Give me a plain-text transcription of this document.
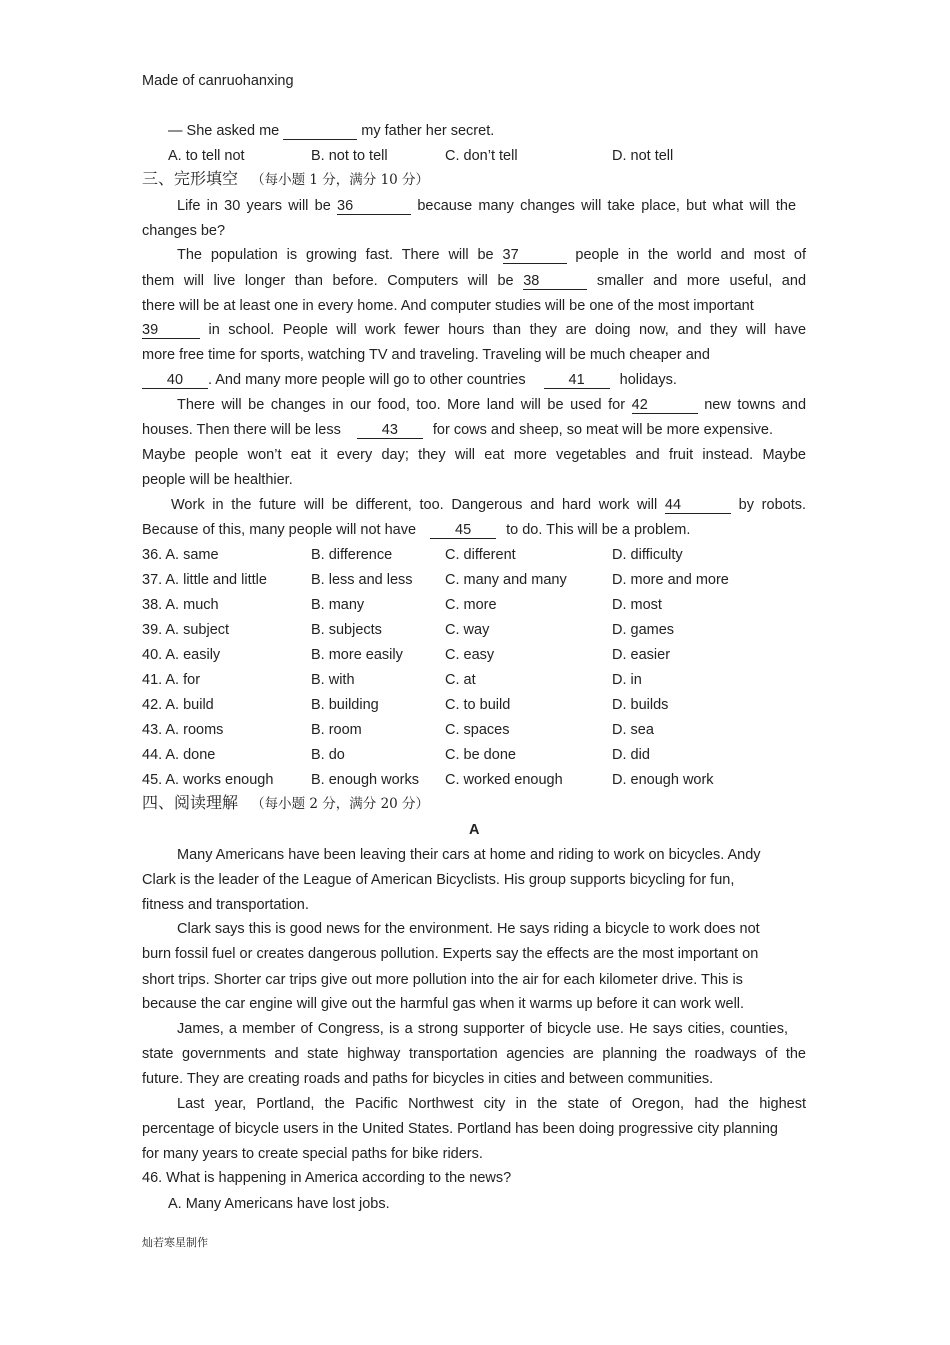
Made of canruohanxing
— She asked me	my father her secret.
A. to tell not	B. not to tell	C. don’t tell	D. not tell
三、完形填空 （每小题 1 分，满分 10 分）
Life in 30 years will be 36	because many changes will take place, but what will the
changes be?
The population is growing fast. There will be 37	people in the world and most of
them will live longer than before. Computers will be 38	smaller and more useful, and
there will be at least one in every home. And computer studies will be one of the most important
39	in school. People will work fewer hours than they are doing now, and they will have
more free time for sports, watching TV and traveling. Traveling will be much cheaper and
40 . And many more people will go to other countries	41 holidays.
There will be changes in our food, too. More land will be used for 42	new towns and
houses. Then there will be less	43 for cows and sheep, so meat will be more expensive.
Maybe people won’t eat it every day; they will eat more vegetables and fruit instead. Maybe
people will be healthier.
Work in the future will be different, too. Dangerous and hard work will 44	by robots.
Because of this, many people will not have	45 to do. This will be a problem.
36. A. same	B. difference	C. different	D. difficulty
37. A. little and little	B. less and less C. many and many	D. more and more
38. A. much	B. many	C. more	D. most
39. A. subject	B. subjects	C. way	D. games
40. A. easily	B. more easily	C. easy	D. easier
41. A. for	B. with	C. at	D. in
42. A. build	B. building	C. to build	D. builds
43. A. rooms	B. room	C. spaces	D. sea
44. A. done	B. do	C. be done	D. did
45. A. works enough	B. enough works C. worked enough	D. enough work
四、阅读理解 （每小题 2 分，满分 20 分）
A
Many Americans have been leaving their cars at home and riding to work on bicycles. Andy
Clark is the leader of the League of American Bicyclists. His group supports bicycling for fun,
fitness and transportation.
Clark says this is good news for the environment. He says riding a bicycle to work does not
burn fossil fuel or creates dangerous pollution. Experts say the effects are the most important on
short trips. Shorter car trips give out more pollution into the air for each kilometer drive. This is
because the car engine will give out the harmful gas when it warms up before it can work well.
James, a member of Congress, is a strong supporter of bicycle use. He says cities, counties,
state governments and state highway transportation agencies are planning the roadways of the
future. They are creating roads and paths for bicycles in cities and between communities.
Last year, Portland, the Pacific Northwest city in the state of Oregon, had the highest
percentage of bicycle users in the United States. Portland has been doing progressive city planning
for many years to create special paths for bike riders.
46. What is happening in America according to the news?
A. Many Americans have lost jobs.
灿若寒星制作
